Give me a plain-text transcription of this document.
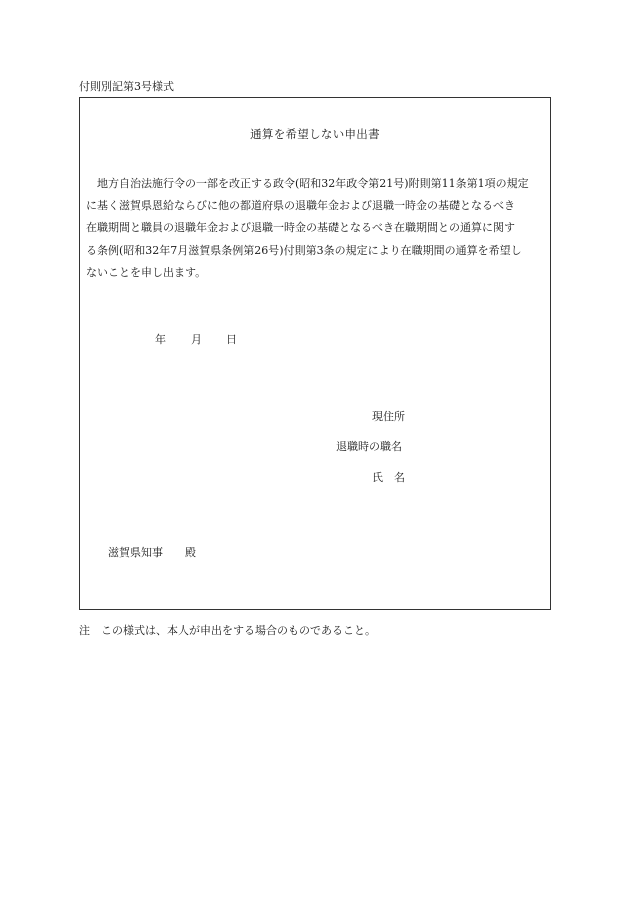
付則別記第3号様式
通算を希望しない申出書
　地方自治法施行令の一部を改正する政令(昭和32年政令第21号)附則第11条第1項の規定
に基く滋賀県恩給ならびに他の都道府県の退職年金および退職一時金の基礎となるべき
在職期間と職員の退職年金および退職一時金の基礎となるべき在職期間との通算に関す
る条例(昭和32年7月滋賀県条例第26号)付則第3条の規定により在職期間の通算を希望し
ないことを申し出ます。
年 月 日
現住所
退職時の職名
氏　名
滋賀県知事 殿
注　この様式は、本人が申出をする場合のものであること。
